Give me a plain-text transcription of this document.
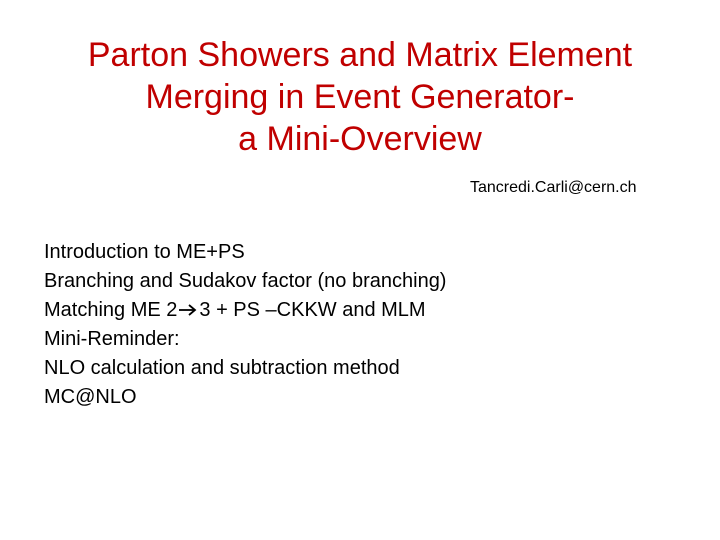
Parton Showers and Matrix Element
Merging in Event Generator-
a Mini-Overview
Tancredi.Carli@cern.ch
Introduction to ME+PS
Branching and Sudakov factor (no branching)
Matching ME 2 3 + PS –CKKW and MLM
Mini-Reminder:
NLO calculation and subtraction method
MC@NLO
